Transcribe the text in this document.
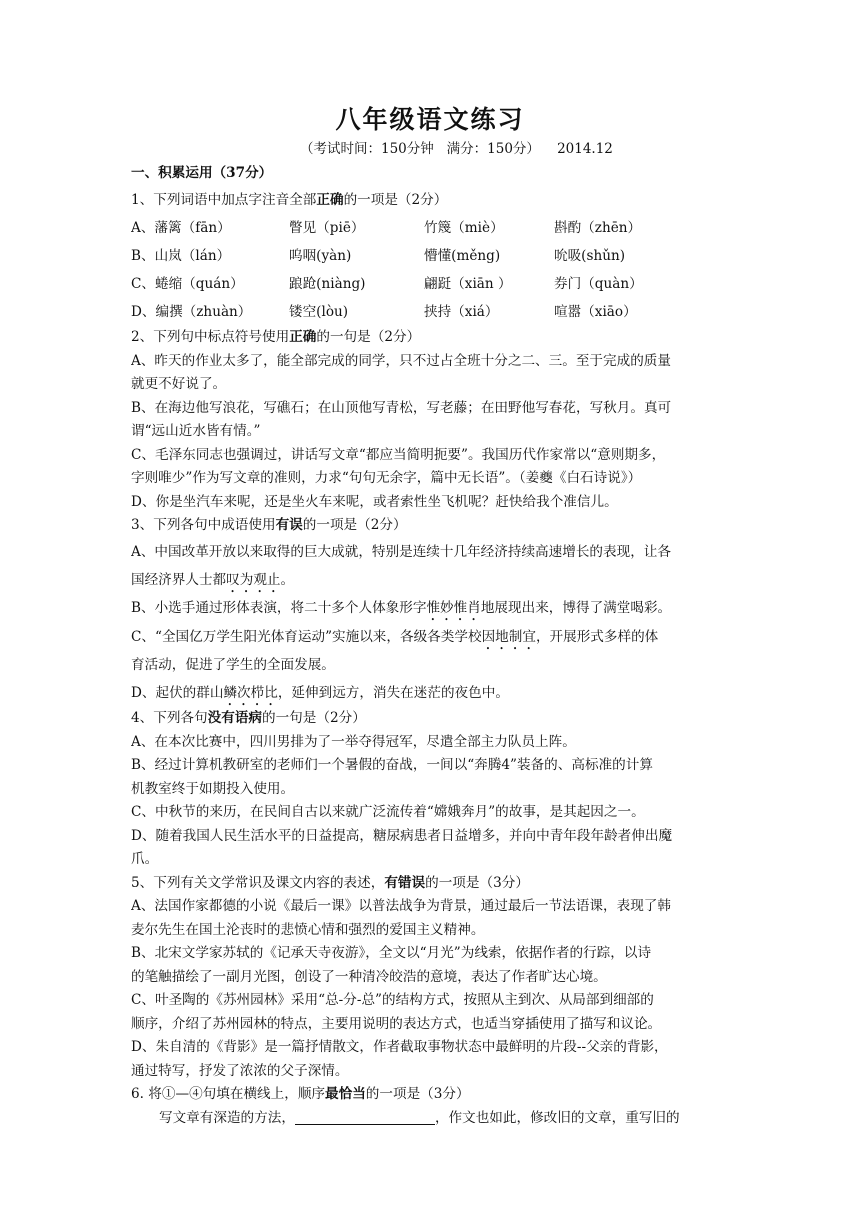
八年级语文练习
（考试时间：150分钟   满分：150分）    2014.12
一、积累运用（37分）
1、下列词语中加点字注音全部正确的一项是（2分）
A、藩篱（fān）	瞥见（piē）	竹篾（miè）	斟酌（zhēn）
B、山岚（lán）	呜咽(yàn)	懵懂(měng)	吮吸(shǔn)
C、蜷缩（quán）	踉跄(niàng)	翩跹（xiān ）	券门（quàn）
D、编撰（zhuàn）	镂空(lòu)	挟持（xiá）	喧嚣（xiāo）
2、下列句中标点符号使用正确的一句是（2分）
A、昨天的作业太多了，能全部完成的同学，只不过占全班十分之二、三。至于完成的质量
就更不好说了。
B、在海边他写浪花，写礁石；在山顶他写青松，写老藤；在田野他写春花，写秋月。真可
谓“远山近水皆有情。”
C、毛泽东同志也强调过，讲话写文章“都应当简明扼要”。我国历代作家常以“意则期多，
字则唯少”作为写文章的准则，力求“句句无余字，篇中无长语”。（姜夔《白石诗说》）
D、你是坐汽车来呢，还是坐火车来呢，或者索性坐飞机呢？赶快给我个准信儿。
3、下列各句中成语使用有误的一项是（2分）
A、中国改革开放以来取得的巨大成就，特别是连续十几年经济持续高速增长的表现，让各
国经济界人士都叹为观止。
B、小选手通过形体表演，将二十多个人体象形字惟妙惟肖地展现出来，博得了满堂喝彩。
C、“全国亿万学生阳光体育运动”实施以来，各级各类学校因地制宜，开展形式多样的体
育活动，促进了学生的全面发展。
D、起伏的群山鳞次栉比，延伸到远方，消失在迷茫的夜色中。
4、下列各句没有语病的一句是（2分）
A、在本次比赛中，四川男排为了一举夺得冠军，尽遣全部主力队员上阵。
B、经过计算机教研室的老师们一个暑假的奋战，一间以“奔腾4”装备的、高标准的计算
机教室终于如期投入使用。
C、中秋节的来历，在民间自古以来就广泛流传着“嫦娥奔月”的故事，是其起因之一。
D、随着我国人民生活水平的日益提高，糖尿病患者日益增多，并向中青年段年龄者伸出魔
爪。
5、下列有关文学常识及课文内容的表述，有错误的一项是（3分）
A、法国作家都德的小说《最后一课》以普法战争为背景，通过最后一节法语课，表现了韩
麦尔先生在国土沦丧时的悲愤心情和强烈的爱国主义精神。
B、北宋文学家苏轼的《记承天寺夜游》，全文以“月光”为线索，依据作者的行踪，以诗
的笔触描绘了一副月光图，创设了一种清冷皎浩的意境，表达了作者旷达心境。
C、叶圣陶的《苏州园林》采用“总-分-总”的结构方式，按照从主到次、从局部到细部的
顺序，介绍了苏州园林的特点，主要用说明的表达方式，也适当穿插使用了描写和议论。
D、朱自清的《背影》是一篇抒情散文，作者截取事物状态中最鲜明的片段--父亲的背影，
通过特写，抒发了浓浓的父子深情。
6. 将①—④句填在横线上，顺序最恰当的一项是（3分）
写文章有深造的方法，	，作文也如此，修改旧的文章，重写旧的
